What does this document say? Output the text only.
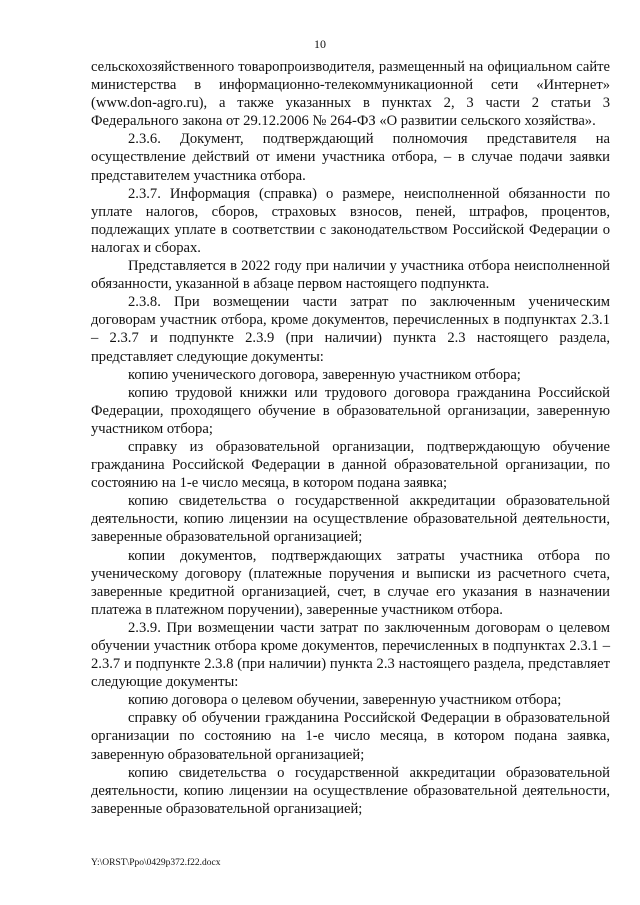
10

сельскохозяйственного товаропроизводителя, размещенный на официальном сайте министерства в информационно-телекоммуникационной сети «Интернет» (www.don-agro.ru), а также указанных в пунктах 2, 3 части 2 статьи 3 Федерального закона от 29.12.2006 № 264-ФЗ «О развитии сельского хозяйства».

2.3.6. Документ, подтверждающий полномочия представителя на осуществление действий от имени участника отбора, – в случае подачи заявки представителем участника отбора.

2.3.7. Информация (справка) о размере, неисполненной обязанности по уплате налогов, сборов, страховых взносов, пеней, штрафов, процентов, подлежащих уплате в соответствии с законодательством Российской Федерации о налогах и сборах.

Представляется в 2022 году при наличии у участника отбора неисполненной обязанности, указанной в абзаце первом настоящего подпункта.

2.3.8. При возмещении части затрат по заключенным ученическим договорам участник отбора, кроме документов, перечисленных в подпунктах 2.3.1 – 2.3.7 и подпункте 2.3.9 (при наличии) пункта 2.3 настоящего раздела, представляет следующие документы:

копию ученического договора, заверенную участником отбора;

копию трудовой книжки или трудового договора гражданина Российской Федерации, проходящего обучение в образовательной организации, заверенную участником отбора;

справку из образовательной организации, подтверждающую обучение гражданина Российской Федерации в данной образовательной организации, по состоянию на 1-е число месяца, в котором подана заявка;

копию свидетельства о государственной аккредитации образовательной деятельности, копию лицензии на осуществление образовательной деятельности, заверенные образовательной организацией;

копии документов, подтверждающих затраты участника отбора по ученическому договору (платежные поручения и выписки из расчетного счета, заверенные кредитной организацией, счет, в случае его указания в назначении платежа в платежном поручении), заверенные участником отбора.

2.3.9. При возмещении части затрат по заключенным договорам о целевом обучении участник отбора кроме документов, перечисленных в подпунктах 2.3.1 – 2.3.7 и подпункте 2.3.8 (при наличии) пункта 2.3 настоящего раздела, представляет следующие документы:

копию договора о целевом обучении, заверенную участником отбора;

справку об обучении гражданина Российской Федерации в образовательной организации по состоянию на 1-е число месяца, в котором подана заявка, заверенную образовательной организацией;

копию свидетельства о государственной аккредитации образовательной деятельности, копию лицензии на осуществление образовательной деятельности, заверенные образовательной организацией;

Y:\ORST\Ppo\0429p372.f22.docx
